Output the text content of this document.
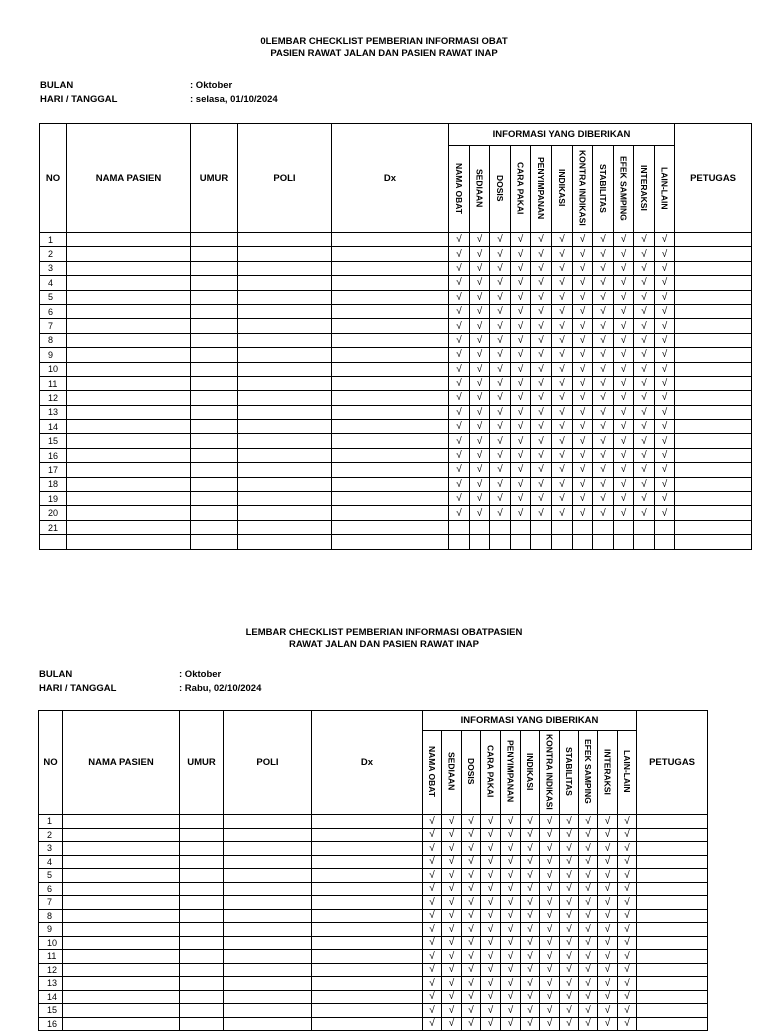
0LEMBAR CHECKLIST PEMBERIAN INFORMASI OBAT
PASIEN RAWAT JALAN DAN PASIEN RAWAT INAP
BULAN	: Oktober
HARI / TANGGAL	: selasa, 01/10/2024
NO	NAMA PASIEN	UMUR	POLI	Dx	INFORMASI YANG DIBERIKAN											PETUGAS
					NAMA OBAT	SEDIAAN	DOSIS	CARA PAKAI	PENYIMPANAN	INDIKASI	KONTRA INDIKASI	STABILITAS	EFEK SAMPING	INTERAKSI	LAIN-LAIN	
1					√	√	√	√	√	√	√	√	√	√	√	
2					√	√	√	√	√	√	√	√	√	√	√	
3					√	√	√	√	√	√	√	√	√	√	√	
4					√	√	√	√	√	√	√	√	√	√	√	
5					√	√	√	√	√	√	√	√	√	√	√	
6					√	√	√	√	√	√	√	√	√	√	√	
7					√	√	√	√	√	√	√	√	√	√	√	
8					√	√	√	√	√	√	√	√	√	√	√	
9					√	√	√	√	√	√	√	√	√	√	√	
10					√	√	√	√	√	√	√	√	√	√	√	
11					√	√	√	√	√	√	√	√	√	√	√	
12					√	√	√	√	√	√	√	√	√	√	√	
13					√	√	√	√	√	√	√	√	√	√	√	
14					√	√	√	√	√	√	√	√	√	√	√	
15					√	√	√	√	√	√	√	√	√	√	√	
16					√	√	√	√	√	√	√	√	√	√	√	
17					√	√	√	√	√	√	√	√	√	√	√	
18					√	√	√	√	√	√	√	√	√	√	√	
19					√	√	√	√	√	√	√	√	√	√	√	
20					√	√	√	√	√	√	√	√	√	√	√	
21																

LEMBAR CHECKLIST PEMBERIAN INFORMASI OBATPASIEN
RAWAT JALAN DAN PASIEN RAWAT INAP
BULAN	: Oktober
HARI / TANGGAL	: Rabu, 02/10/2024
NO	NAMA PASIEN	UMUR	POLI	Dx	INFORMASI YANG DIBERIKAN											PETUGAS
					NAMA OBAT	SEDIAAN	DOSIS	CARA PAKAI	PENYIMPANAN	INDIKASI	KONTRA INDIKASI	STABILITAS	EFEK SAMPING	INTERAKSI	LAIN-LAIN	
1					√	√	√	√	√	√	√	√	√	√	√	
2					√	√	√	√	√	√	√	√	√	√	√	
3					√	√	√	√	√	√	√	√	√	√	√	
4					√	√	√	√	√	√	√	√	√	√	√	
5					√	√	√	√	√	√	√	√	√	√	√	
6					√	√	√	√	√	√	√	√	√	√	√	
7					√	√	√	√	√	√	√	√	√	√	√	
8					√	√	√	√	√	√	√	√	√	√	√	
9					√	√	√	√	√	√	√	√	√	√	√	
10					√	√	√	√	√	√	√	√	√	√	√	
11					√	√	√	√	√	√	√	√	√	√	√	
12					√	√	√	√	√	√	√	√	√	√	√	
13					√	√	√	√	√	√	√	√	√	√	√	
14					√	√	√	√	√	√	√	√	√	√	√	
15					√	√	√	√	√	√	√	√	√	√	√	
16					√	√	√	√	√	√	√	√	√	√	√	
